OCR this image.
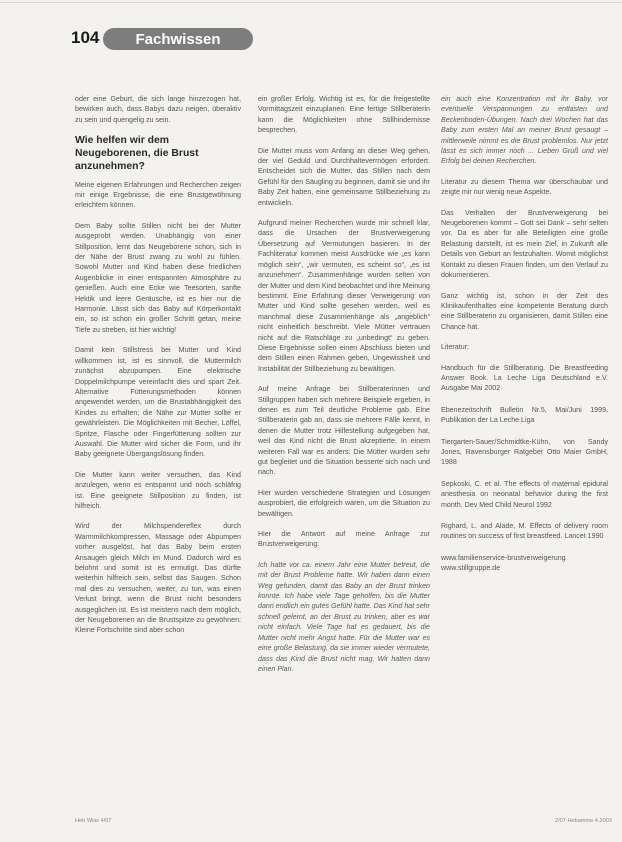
104 Fachwissen

oder eine Geburt, die sich lange hinzezogen hat, bewirken auch, dass Babys dazu neigen, überaktiv zu sein und quengelig zu sein.

Wie helfen wir dem Neugeborenen, die Brust anzunehmen?

Meine eigenen Erfahrungen und Recherchen zeigen mir einige Ergebnisse, die eine Brustgewöhnung erleichtern können.

Dem Baby sollte Stillen nicht bei der Mutter ausgeprobt werden. Unabhängig von einer Stillposition, lernt das Neugeborene schon, sich in der Nähe der Brust zwang zu wohl zu fühlen. Sowohl Mutter und Kind haben diese friedlichen Augenblicke in einer entspannten Atmosphäre zu genießen. Auch eine Ecke wie Teesorten, sanfte Hektik und leere Geräusche, ist es hier nur die Harmonie. Lässt sich das Baby auf Körperkontakt ein, so ist schon ein großer Schritt getan, meine Tiefe zu streben, ist hier wichtig!

Damit kein Stillstress bei Mutter und Kind willkommen ist, ist es sinnvoll, die Muttermilch zunächst abzupumpen. Eine elektrische Doppelmilchpumpe vereinfacht dies und spart Zeit. Alternative Fütterungsmethoden können angewendet werden, um die Brustabhängigkeit des Kindes zu erhalten; die Nähe zur Mutter sollte er gewährleisten. Die Möglichkeiten mit Becher, Löffel, Spritze, Flasche oder Fingerfütterung sollten zur Auswahl. Die Mutter wird sicher die Form, und ihr Baby geeignete Übergangslösung finden.

Die Mutter kann weiter versuchen, das Kind anzulegen, wenn es entspannt und noch schläfrig ist. Eine geeignete Stillposition zu finden, ist hilfreich.

Wird der Milchspendereflex durch Warmmilchkompressen, Massage oder Abpumpen vorher ausgelöst, hat das Baby beim ersten Ansaugen gleich Milch im Mund. Dadurch wird es belohnt und somit ist es ermutigt. Das dürfte weiterhin hilfreich sein, selbst das Saugen. Schon mal dies zu versuchen, weiter, zu tun, was einen Verlust bringt, wenn die Brust nicht besonders ausgeglichen ist. Es ist meistens nach dem möglich, der Neugeborenen an die Brustspitze zu gewöhnen: Kleine Fortschritte sind aber schon

ein großer Erfolg. Wichtig ist es, für die freigestellte Vormittagszeit einzuplanen. Eine fertige Stillberaterin kann die Möglichkeiten ohne Stillhindernisse besprechen.

Die Mutter muss vom Anfang an dieser Weg gehen, der viel Geduld und Durchhaltevermögen erfordert. Entscheidet sich die Mutter, das Stillen nach dem Gefühl für den Säugling zu beginnen, damit sie und ihr Baby Zeit haben, eine gemeinsame Stillbeziehung zu entwickeln.

Aufgrund meiner Recherchen wurde mir schnell klar, dass die Ursachen der Brustverweigerung Übersetzung auf Vermutungen basieren. In der Fachliteratur kommen meist Ausdrücke wie „es kann möglich sein“, „wir vermuten, es scheint so“, „es ist anzunehmen“. Zusammenhänge wurden selten von der Mutter und dem Kind beobachtet und ihre Meinung bestimmt. Eine Erfahrung dieser Verweigerung von Mutter und Kind sollte gesehen werden, weil es manchmal diese Zusammenhänge als „angeblich“ nicht einheitlich beschreibt. Viele Mütter vertrauen nicht auf die Ratschläge zu „unbedingt“ zu geben. Diese Ergebnisse sollen einen Abschluss bieten und dem Stillen einen Rahmen geben, Ungewissheit und Instabilität der Stillbeziehung zu bewältigen.

Auf meine Anfrage bei Stillberaterinnen und Stillgruppen haben sich mehrere Beispiele ergeben, in denen es zum Teil deutliche Probleme gab. Eine Stillberaterin gab an, dass sie mehrere Fälle kennt, in denen die Mutter trotz Hilfestellung aufgegeben hat, weil das Kind nicht die Brust akzeptierte. In einem weiteren Fall war es anders: Die Mütter wurden sehr gut begleitet und die Situation besserte sich nach und nach.

Hier wurden verschiedene Strategien und Lösungen ausprobiert, die erfolgreich waren, um die Situation zu bewältigen.

Hier die Antwort auf meine Anfrage zur Brustverweigerung:

Ich hatte vor ca. einem Jahr eine Mutter betreut, die mit der Brust Probleme hatte. Wir haben dann einen Weg gefunden, damit das Baby an der Brust trinken konnte. Ich habe viele Tage geholfen, bis die Mutter dann endlich ein gutes Gefühl hatte. Das Kind hat sehr schnell gelernt, an der Brust zu trinken, aber es war nicht einfach. Viele Tage hat es gedauert, bis die Mutter nicht mehr Angst hatte. Für die Mutter war es eine große Belastung, da sie immer wieder vermutete, dass das Kind die Brust nicht mag. Wir hatten dann einen Plan.

ein auch eine Konzentration mit ihr Baby, vor eventuelle Verspannungen zu entlasten und Beckenboden-Übungen. Nach drei Wochen hat das Baby zum ersten Mal an meiner Brust gesaugt – mittlerweile nimmt es die Brust problemlos. Nur jetzt lässt es sich immer noch ... Lieben Gruß und viel Erfolg bei deinen Recherchen.

Literatur zu diesem Thema war überschaubar und zeigte mir nur wenig neue Aspekte.

Das Verhalten der Brustverweigerung bei Neugeborenen kommt – Gott sei Dank – sehr selten vor. Da es aber für alle Beteiligten eine große Belastung darstellt, ist es mein Ziel, in Zukunft alle Details von Geburt an festzuhalten. Womit möglichst Kontakt zu diesen Frauen finden, um den Verlauf zu dokumentieren.

Ganz wichtig ist, schon in der Zeit des Klinikaufenthaltes eine kompetente Beratung durch eine Stillberaterin zu organisieren, damit Stillen eine Chance hat.

Literatur:

Handbuch für die Stillberatung. Die Breastfeeding Answer Book. La Leche Liga Deutschland e.V. Ausgabe Mai 2002

Ebenezeitschrift Bulletin Nr.5, Mai/Juni 1999, Publikation der La Leche Liga

Tiergarten-Sauer/Schmidtke-Kühn, von Sandy Jones, Ravensburger Ratgeber Otto Maier GmbH, 1988

Sepkoski, C. et al. The effects of maternal epidural anesthesia on neonatal behavior during the first month. Dev Med Child Neurol 1992

Righard, L. and Alade, M. Effects of delivery room routines on success of first breastfeed. Lancet 1990

www.familienservice-brustverweigerung www.stillgruppe.de

Heb Wiss 4/07	2/07 Hebamme 4.2003
